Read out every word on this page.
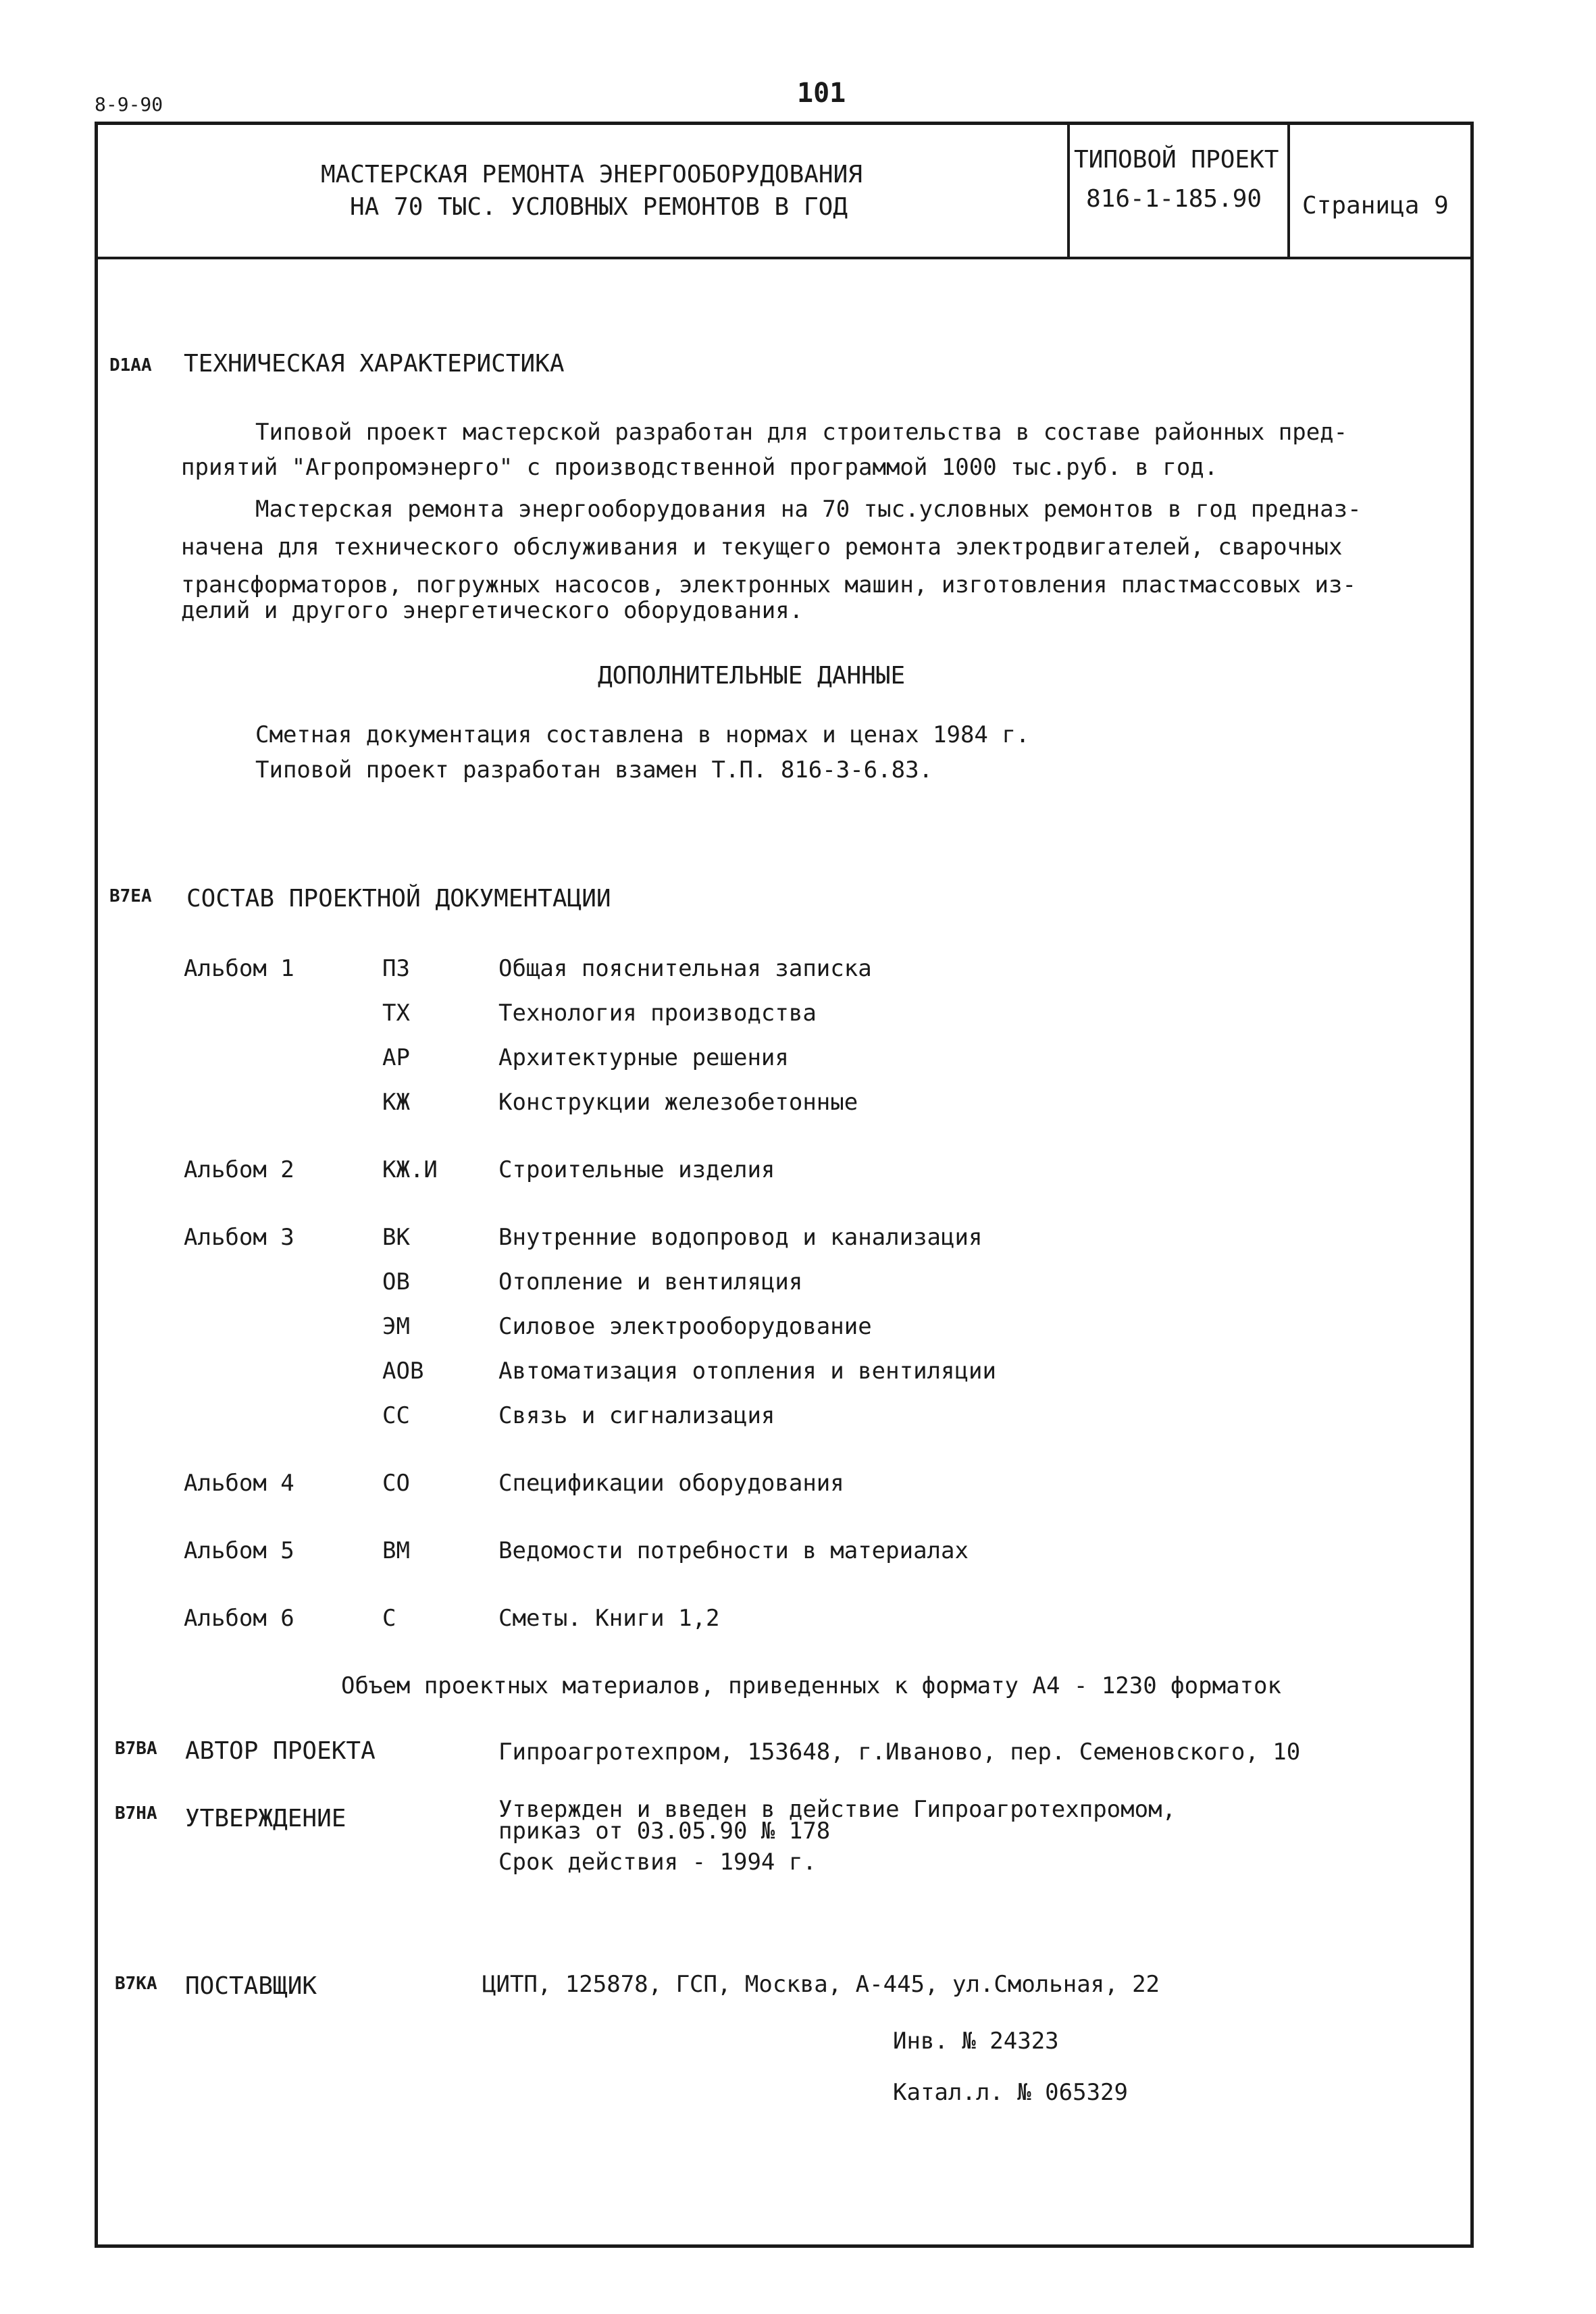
8-9-90	101
МАСТЕРСКАЯ РЕМОНТА ЭНЕРГООБОРУДОВАНИЯ
НА 70 ТЫС. УСЛОВНЫХ РЕМОНТОВ В ГОД
ТИПОВОЙ ПРОЕКТ
816-1-185.90 Страница 9
D1AA ТЕХНИЧЕСКАЯ ХАРАКТЕРИСТИКА
Типовой проект мастерской разработан для строительства в составе районных пред-
приятий "Агропромэнерго" с производственной программой 1000 тыс.руб. в год.
Мастерская ремонта энергооборудования на 70 тыс.условных ремонтов в год предназ-
начена для технического обслуживания и текущего ремонта электродвигателей, сварочных
трансформаторов, погружных насосов, электронных машин, изготовления пластмассовых из-
делий и другого энергетического оборудования.
ДОПОЛНИТЕЛЬНЫЕ ДАННЫЕ
Сметная документация составлена в нормах и ценах 1984 г.
Типовой проект разработан взамен Т.П. 816-3-6.83.
B7EA СОСТАВ ПРОЕКТНОЙ ДОКУМЕНТАЦИИ
Альбом 1	ПЗ	Общая пояснительная записка
ТХ	Технология производства
АР	Архитектурные решения
КЖ	Конструкции железобетонные
Альбом 2	КЖ.И	Строительные изделия
Альбом 3	ВК	Внутренние водопровод и канализация
ОВ	Отопление и вентиляция
ЭМ	Силовое электрооборудование
АОВ	Автоматизация отопления и вентиляции
СС	Связь и сигнализация
Альбом 4	СО	Спецификации оборудования
Альбом 5	ВМ	Ведомости потребности в материалах
Альбом 6	С	Сметы. Книги 1,2
Объем проектных материалов, приведенных к формату А4 - 1230 форматок
B7BA АВТОР ПРОЕКТА	Гипроагротехпром, 153648, г.Иваново, пер. Семеновского, 10
B7HA УТВЕРЖДЕНИЕ	Утвержден и введен в действие Гипроагротехпромом,
приказ от 03.05.90 № 178
Срок действия - 1994 г.
B7KA ПОСТАВЩИК	ЦИТП, 125878, ГСП, Москва, А-445, ул.Смольная, 22
Инв. № 24323
Катал.л. № 065329
